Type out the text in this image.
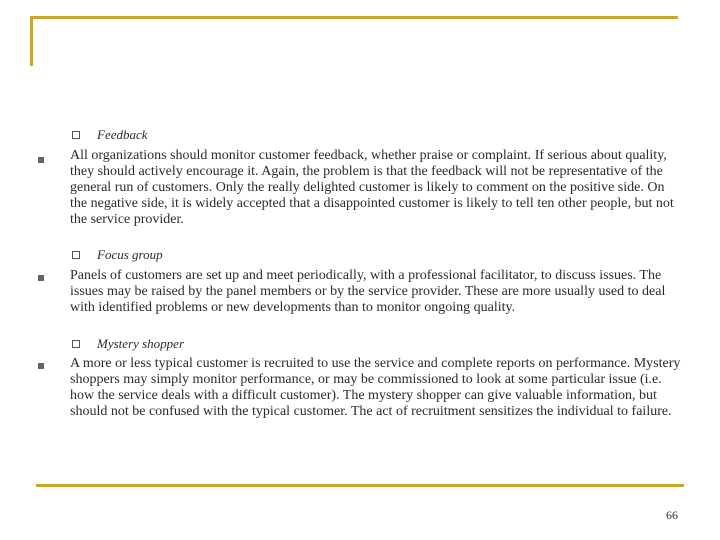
Feedback
All organizations should monitor customer feedback, whether praise or complaint. If serious about quality, they should actively encourage it. Again, the problem is that the feedback will not be representative of the general run of customers. Only the really delighted customer is likely to comment on the positive side. On the negative side, it is widely accepted that a disappointed customer is likely to tell ten other people, but not the service provider.
Focus group
Panels of customers are set up and meet periodically, with a professional facilitator, to discuss issues. The issues may be raised by the panel members or by the service provider. These are more usually used to deal with identified problems or new developments than to monitor ongoing quality.
Mystery shopper
A more or less typical customer is recruited to use the service and complete reports on performance. Mystery shoppers may simply monitor performance, or may be commissioned to look at some particular issue (i.e. how the service deals with a difficult customer). The mystery shopper can give valuable information, but should not be confused with the typical customer. The act of recruitment sensitizes the individual to failure.
66
